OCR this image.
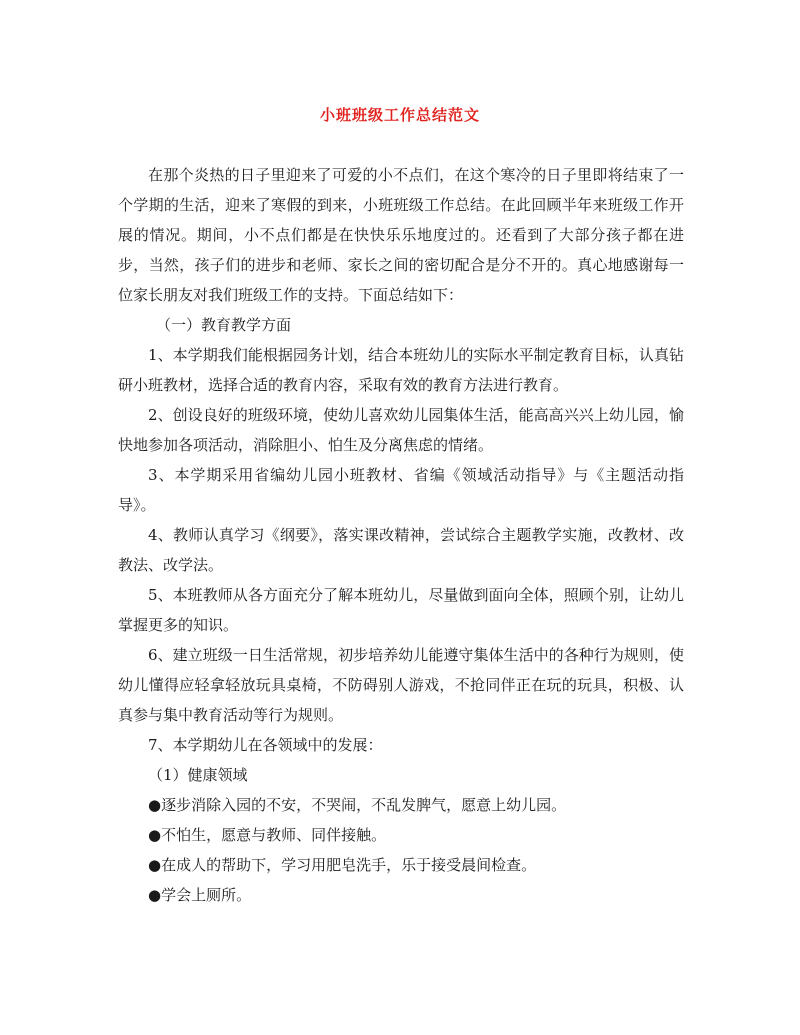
小班班级工作总结范文

在那个炎热的日子里迎来了可爱的小不点们，在这个寒冷的日子里即将结束了一个学期的生活，迎来了寒假的到来，小班班级工作总结。在此回顾半年来班级工作开展的情况。期间，小不点们都是在快快乐乐地度过的。还看到了大部分孩子都在进步，当然，孩子们的进步和老师、家长之间的密切配合是分不开的。真心地感谢每一位家长朋友对我们班级工作的支持。下面总结如下：

（一）教育教学方面

1、本学期我们能根据园务计划，结合本班幼儿的实际水平制定教育目标，认真钻研小班教材，选择合适的教育内容，采取有效的教育方法进行教育。

2、创设良好的班级环境，使幼儿喜欢幼儿园集体生活，能高高兴兴上幼儿园，愉快地参加各项活动，消除胆小、怕生及分离焦虑的情绪。

3、本学期采用省编幼儿园小班教材、省编《领域活动指导》与《主题活动指导》。

4、教师认真学习《纲要》，落实课改精神，尝试综合主题教学实施，改教材、改教法、改学法。

5、本班教师从各方面充分了解本班幼儿，尽量做到面向全体，照顾个别，让幼儿掌握更多的知识。

6、建立班级一日生活常规，初步培养幼儿能遵守集体生活中的各种行为规则，使幼儿懂得应轻拿轻放玩具桌椅，不防碍别人游戏，不抢同伴正在玩的玩具，积极、认真参与集中教育活动等行为规则。

7、本学期幼儿在各领域中的发展：

（1）健康领域

●逐步消除入园的不安，不哭闹，不乱发脾气，愿意上幼儿园。

●不怕生，愿意与教师、同伴接触。

●在成人的帮助下，学习用肥皂洗手，乐于接受晨间检查。

●学会上厕所。
